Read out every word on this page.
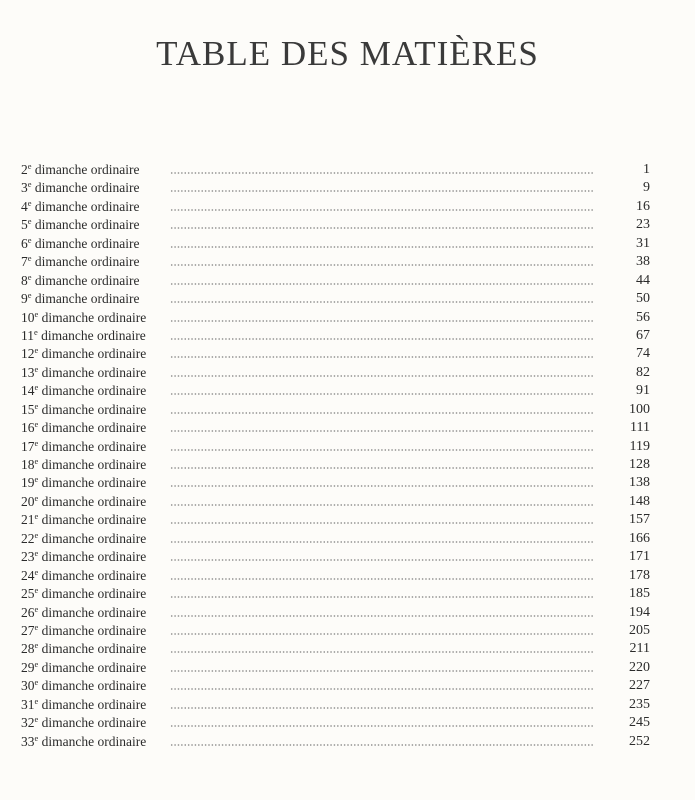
TABLE DES MATIÈRES
2e dimanche ordinaire	1
3e dimanche ordinaire	9
4e dimanche ordinaire	16
5e dimanche ordinaire	23
6e dimanche ordinaire	31
7e dimanche ordinaire	38
8e dimanche ordinaire	44
9e dimanche ordinaire	50
10e dimanche ordinaire	56
11e dimanche ordinaire	67
12e dimanche ordinaire	74
13e dimanche ordinaire	82
14e dimanche ordinaire	91
15e dimanche ordinaire	100
16e dimanche ordinaire	111
17e dimanche ordinaire	119
18e dimanche ordinaire	128
19e dimanche ordinaire	138
20e dimanche ordinaire	148
21e dimanche ordinaire	157
22e dimanche ordinaire	166
23e dimanche ordinaire	171
24e dimanche ordinaire	178
25e dimanche ordinaire	185
26e dimanche ordinaire	194
27e dimanche ordinaire	205
28e dimanche ordinaire	211
29e dimanche ordinaire	220
30e dimanche ordinaire	227
31e dimanche ordinaire	235
32e dimanche ordinaire	245
33e dimanche ordinaire	252
